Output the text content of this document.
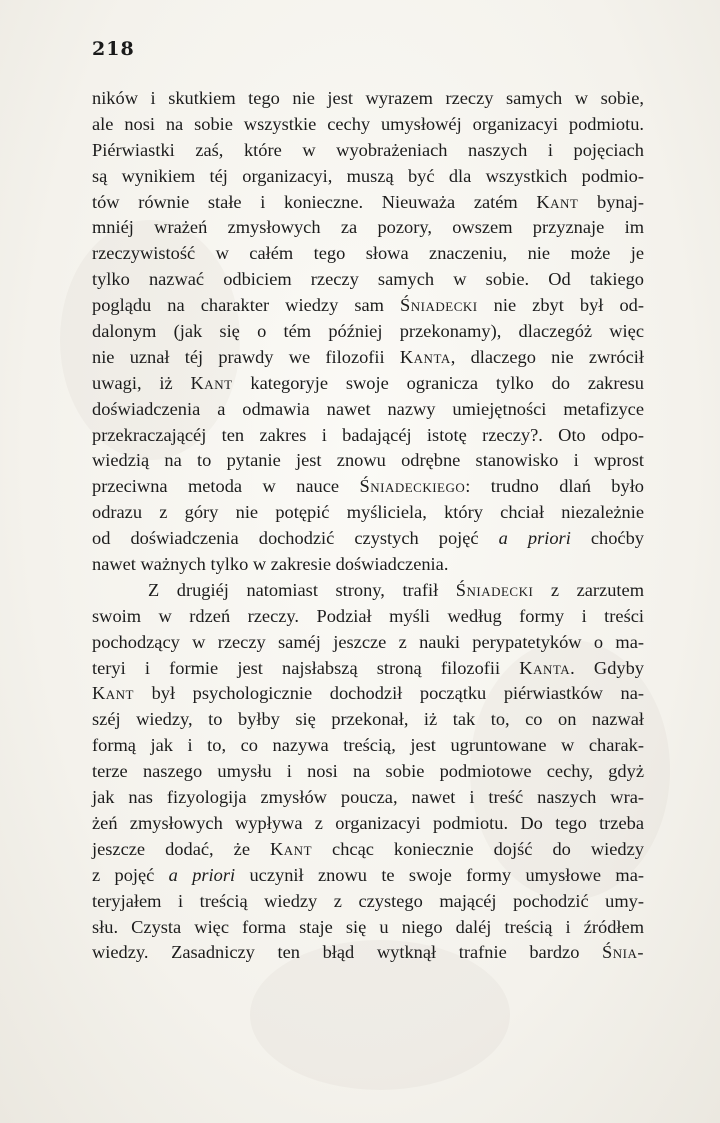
218
ników i skutkiem tego nie jest wyrazem rzeczy samych w sobie,
ale nosi na sobie wszystkie cechy umysłowéj organizacyi podmiotu.
Piérwiastki zaś, które w wyobrażeniach naszych i pojęciach
są wynikiem téj organizacyi, muszą być dla wszystkich podmio-
tów równie stałe i konieczne. Nieuważa zatém Kant bynaj-
mniéj wrażeń zmysłowych za pozory, owszem przyznaje im
rzeczywistość w całém tego słowa znaczeniu, nie może je
tylko nazwać odbiciem rzeczy samych w sobie. Od takiego
poglądu na charakter wiedzy sam Śniadecki nie zbyt był od-
dalonym (jak się o tém później przekonamy), dlaczegóż więc
nie uznał téj prawdy we filozofii Kanta, dlaczego nie zwrócił
uwagi, iż Kant kategoryje swoje ogranicza tylko do zakresu
doświadczenia a odmawia nawet nazwy umiejętności metafizyce
przekraczającéj ten zakres i badającéj istotę rzeczy?. Oto odpo-
wiedzią na to pytanie jest znowu odrębne stanowisko i wprost
przeciwna metoda w nauce Śniadeckiego: trudno dlań było
odrazu z góry nie potępić myśliciela, który chciał niezależnie
od doświadczenia dochodzić czystych pojęć a priori choćby
nawet ważnych tylko w zakresie doświadczenia.
Z drugiéj natomiast strony, trafił Śniadecki z zarzutem
swoim w rdzeń rzeczy. Podział myśli według formy i treści
pochodzący w rzeczy saméj jeszcze z nauki perypatetyków o ma-
teryi i formie jest najsłabszą stroną filozofii Kanta. Gdyby
Kant był psychologicznie dochodził początku piérwiastków na-
széj wiedzy, to byłby się przekonał, iż tak to, co on nazwał
formą jak i to, co nazywa treścią, jest ugruntowane w charak-
terze naszego umysłu i nosi na sobie podmiotowe cechy, gdyż
jak nas fizyologija zmysłów poucza, nawet i treść naszych wra-
żeń zmysłowych wypływa z organizacyi podmiotu. Do tego trzeba
jeszcze dodać, że Kant chcąc koniecznie dojść do wiedzy
z pojęć a priori uczynił znowu te swoje formy umysłowe ma-
teryjałem i treścią wiedzy z czystego mającéj pochodzić umy-
słu. Czysta więc forma staje się u niego daléj treścią i źródłem
wiedzy. Zasadniczy ten błąd wytknął trafnie bardzo Śnia-
